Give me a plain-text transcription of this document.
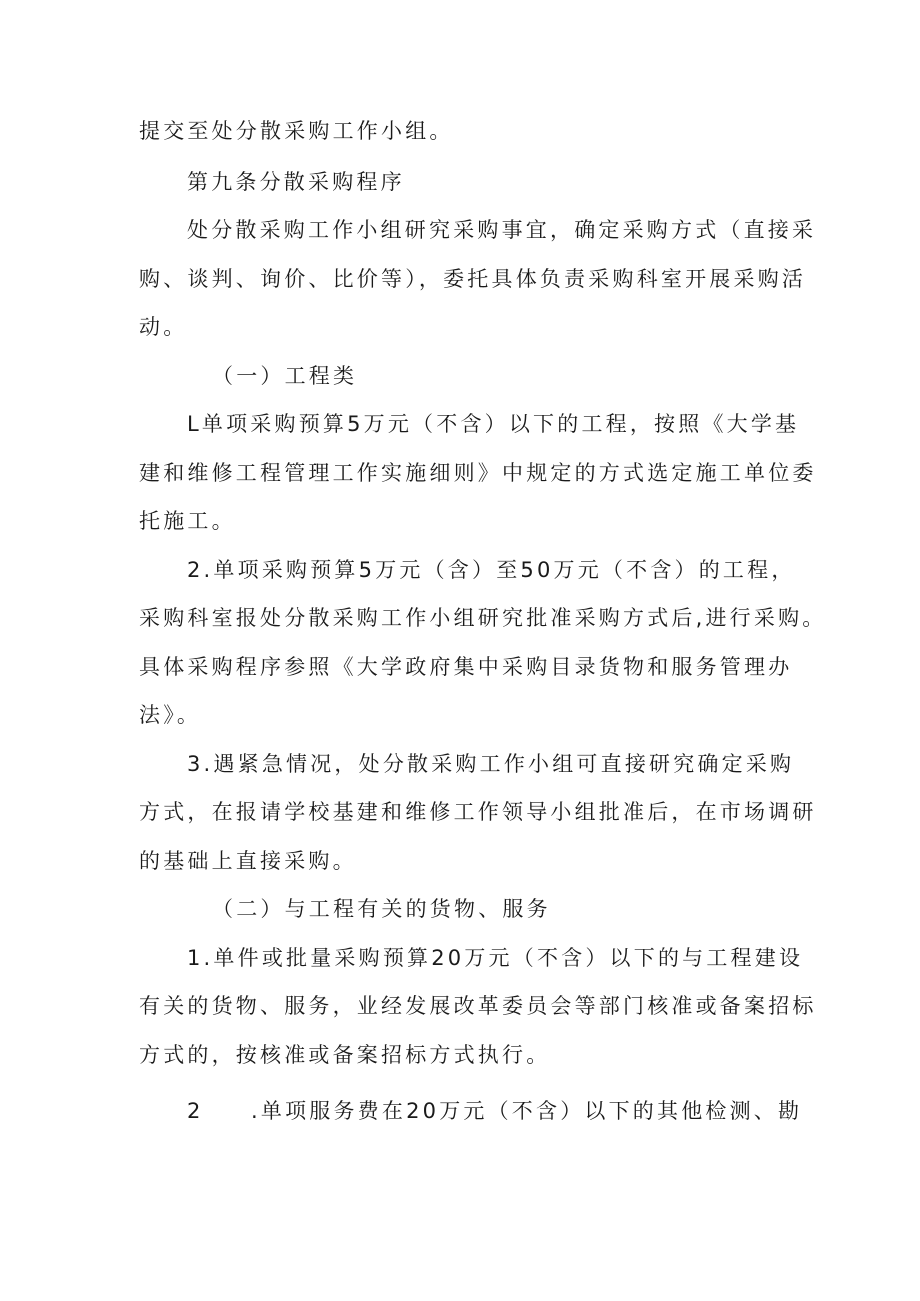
提交至处分散采购工作小组。
第九条分散采购程序
处分散采购工作小组研究采购事宜，确定采购方式（直接采
购、谈判、询价、比价等），委托具体负责采购科室开展采购活
动。
（一）工程类
L单项采购预算5万元（不含）以下的工程，按照《大学基
建和维修工程管理工作实施细则》中规定的方式选定施工单位委
托施工。
2.单项采购预算5万元（含）至50万元（不含）的工程，
采购科室报处分散采购工作小组研究批准采购方式后,进行采购。
具体采购程序参照《大学政府集中采购目录货物和服务管理办
法》。
3.遇紧急情况，处分散采购工作小组可直接研究确定采购
方式，在报请学校基建和维修工作领导小组批准后，在市场调研
的基础上直接采购。
（二）与工程有关的货物、服务
1.单件或批量采购预算20万元（不含）以下的与工程建设
有关的货物、服务，业经发展改革委员会等部门核准或备案招标
方式的，按核准或备案招标方式执行。
2 .单项服务费在20万元（不含）以下的其他检测、勘
